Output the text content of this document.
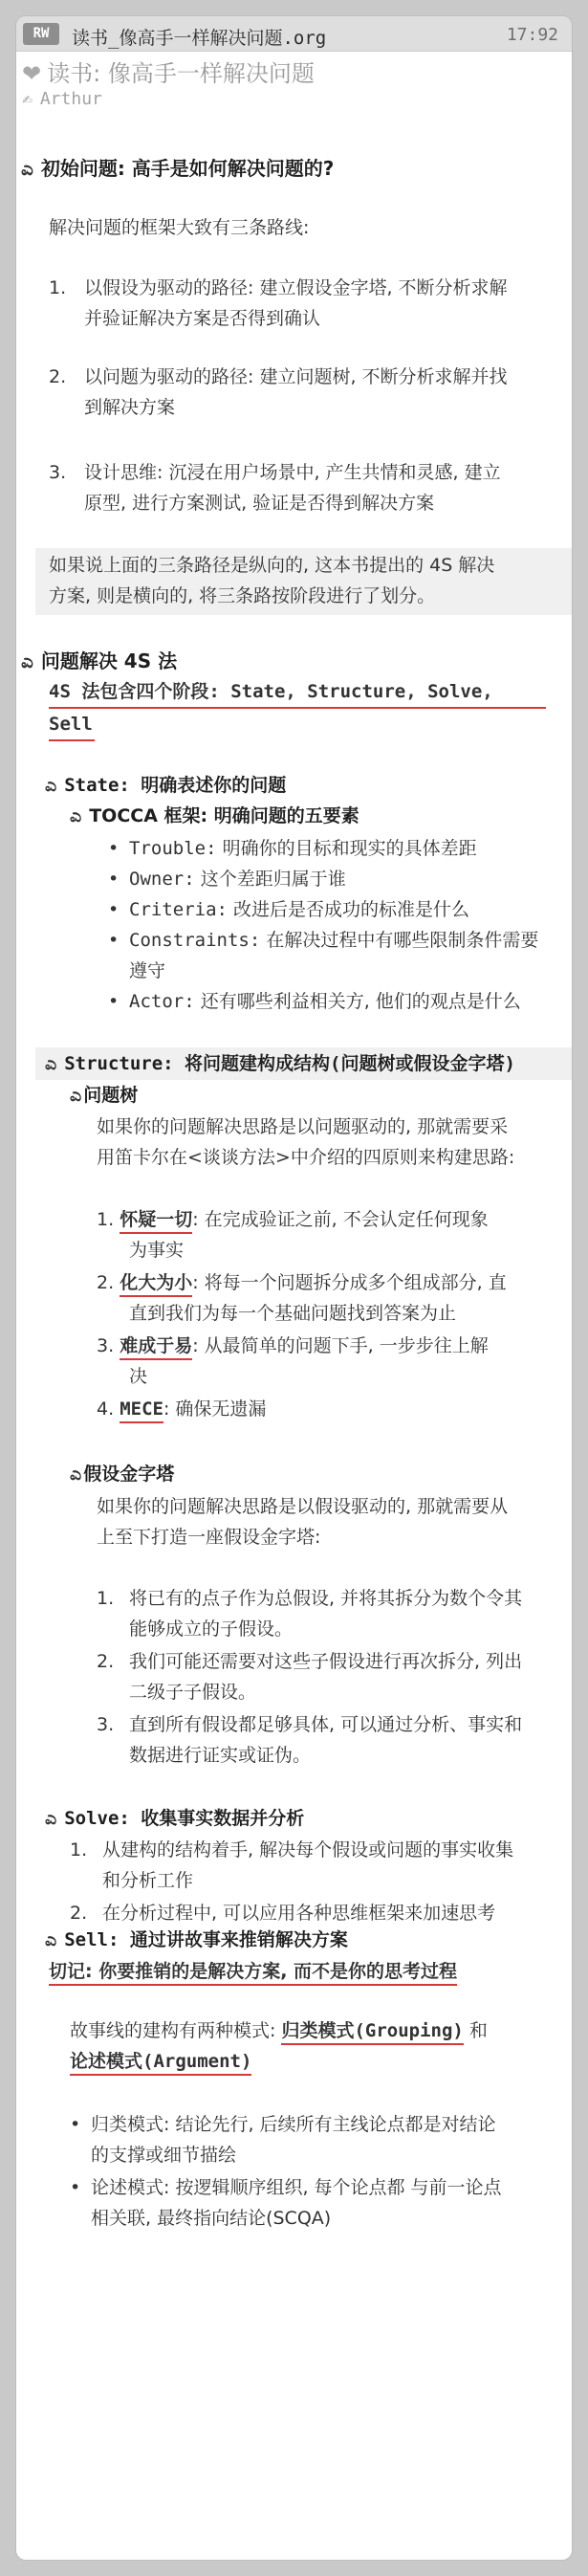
RW	读书_像高手一样解决问题.org	17:92
❤ 读书: 像高手一样解决问题
✍ Arthur
ಎ 初始问题: 高手是如何解决问题的?
解决问题的框架大致有三条路线:
1. 以假设为驱动的路径: 建立假设金字塔, 不断分析求解
并验证解决方案是否得到确认
2. 以问题为驱动的路径: 建立问题树, 不断分析求解并找
到解决方案
3. 设计思维: 沉浸在用户场景中, 产生共情和灵感, 建立
原型, 进行方案测试, 验证是否得到解决方案
如果说上面的三条路径是纵向的, 这本书提出的 4S 解决
方案, 则是横向的, 将三条路按阶段进行了划分。
ಎ 问题解决 4S 法
4S 法包含四个阶段: State, Structure, Solve,
Sell
ಎ State: 明确表述你的问题
ಎ TOCCA 框架: 明确问题的五要素
• Trouble: 明确你的目标和现实的具体差距
• Owner: 这个差距归属于谁
• Criteria: 改进后是否成功的标准是什么
• Constraints: 在解决过程中有哪些限制条件需要
遵守
• Actor: 还有哪些利益相关方, 他们的观点是什么
ಎ Structure: 将问题建构成结构(问题树或假设金字塔)
ಎ 问题树
如果你的问题解决思路是以问题驱动的, 那就需要采
用笛卡尔在<谈谈方法>中介绍的四原则来构建思路:
1. 怀疑一切: 在完成验证之前, 不会认定任何现象
为事实
2. 化大为小: 将每一个问题拆分成多个组成部分, 直
直到我们为每一个基础问题找到答案为止
3. 难成于易: 从最简单的问题下手, 一步步往上解
决
4. MECE: 确保无遗漏
ಎ 假设金字塔
如果你的问题解决思路是以假设驱动的, 那就需要从
上至下打造一座假设金字塔:
1. 将已有的点子作为总假设, 并将其拆分为数个令其
能够成立的子假设。
2. 我们可能还需要对这些子假设进行再次拆分, 列出
二级子子假设。
3. 直到所有假设都足够具体, 可以通过分析、事实和
数据进行证实或证伪。
ಎ Solve: 收集事实数据并分析
1. 从建构的结构着手, 解决每个假设或问题的事实收集
和分析工作
2. 在分析过程中, 可以应用各种思维框架来加速思考
ಎ Sell: 通过讲故事来推销解决方案
切记: 你要推销的是解决方案, 而不是你的思考过程
故事线的建构有两种模式: 归类模式(Grouping) 和
论述模式(Argument)
• 归类模式: 结论先行, 后续所有主线论点都是对结论
的支撑或细节描绘
• 论述模式: 按逻辑顺序组织, 每个论点都 与前一论点
相关联, 最终指向结论(SCQA)
